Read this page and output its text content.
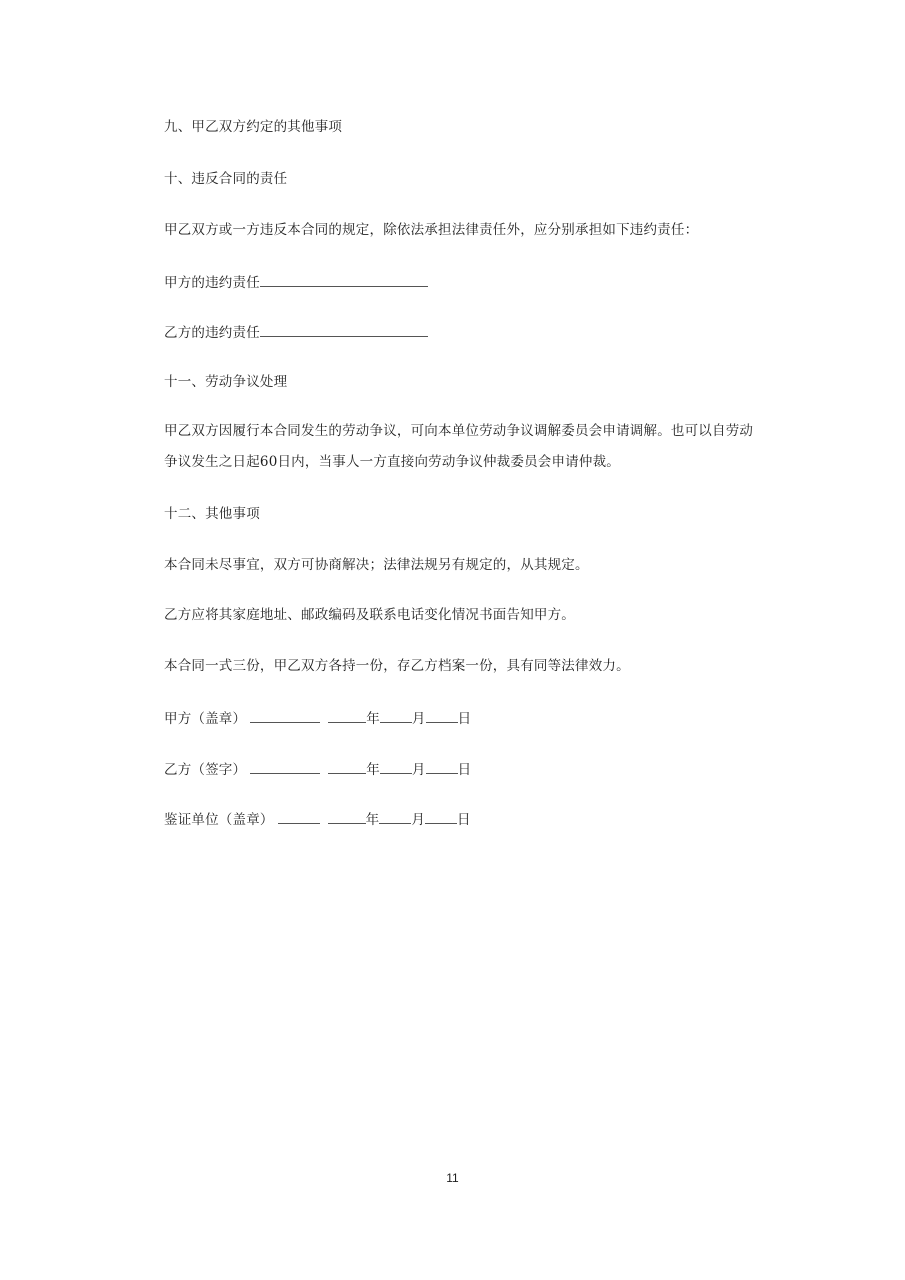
九、甲乙双方约定的其他事项
十、违反合同的责任
甲乙双方或一方违反本合同的规定，除依法承担法律责任外，应分别承担如下违约责任：
甲方的违约责任
乙方的违约责任
十一、劳动争议处理
甲乙双方因履行本合同发生的劳动争议，可向本单位劳动争议调解委员会申请调解。也可以自劳动争议发生之日起60日内，当事人一方直接向劳动争议仲裁委员会申请仲裁。
十二、其他事项
本合同未尽事宜，双方可协商解决；法律法规另有规定的，从其规定。
乙方应将其家庭地址、邮政编码及联系电话变化情况书面告知甲方。
本合同一式三份，甲乙双方各持一份，存乙方档案一份，具有同等法律效力。
甲方（盖章）	年 月 日
乙方（签字）	年 月 日
鉴证单位（盖章）	年 月 日
11
